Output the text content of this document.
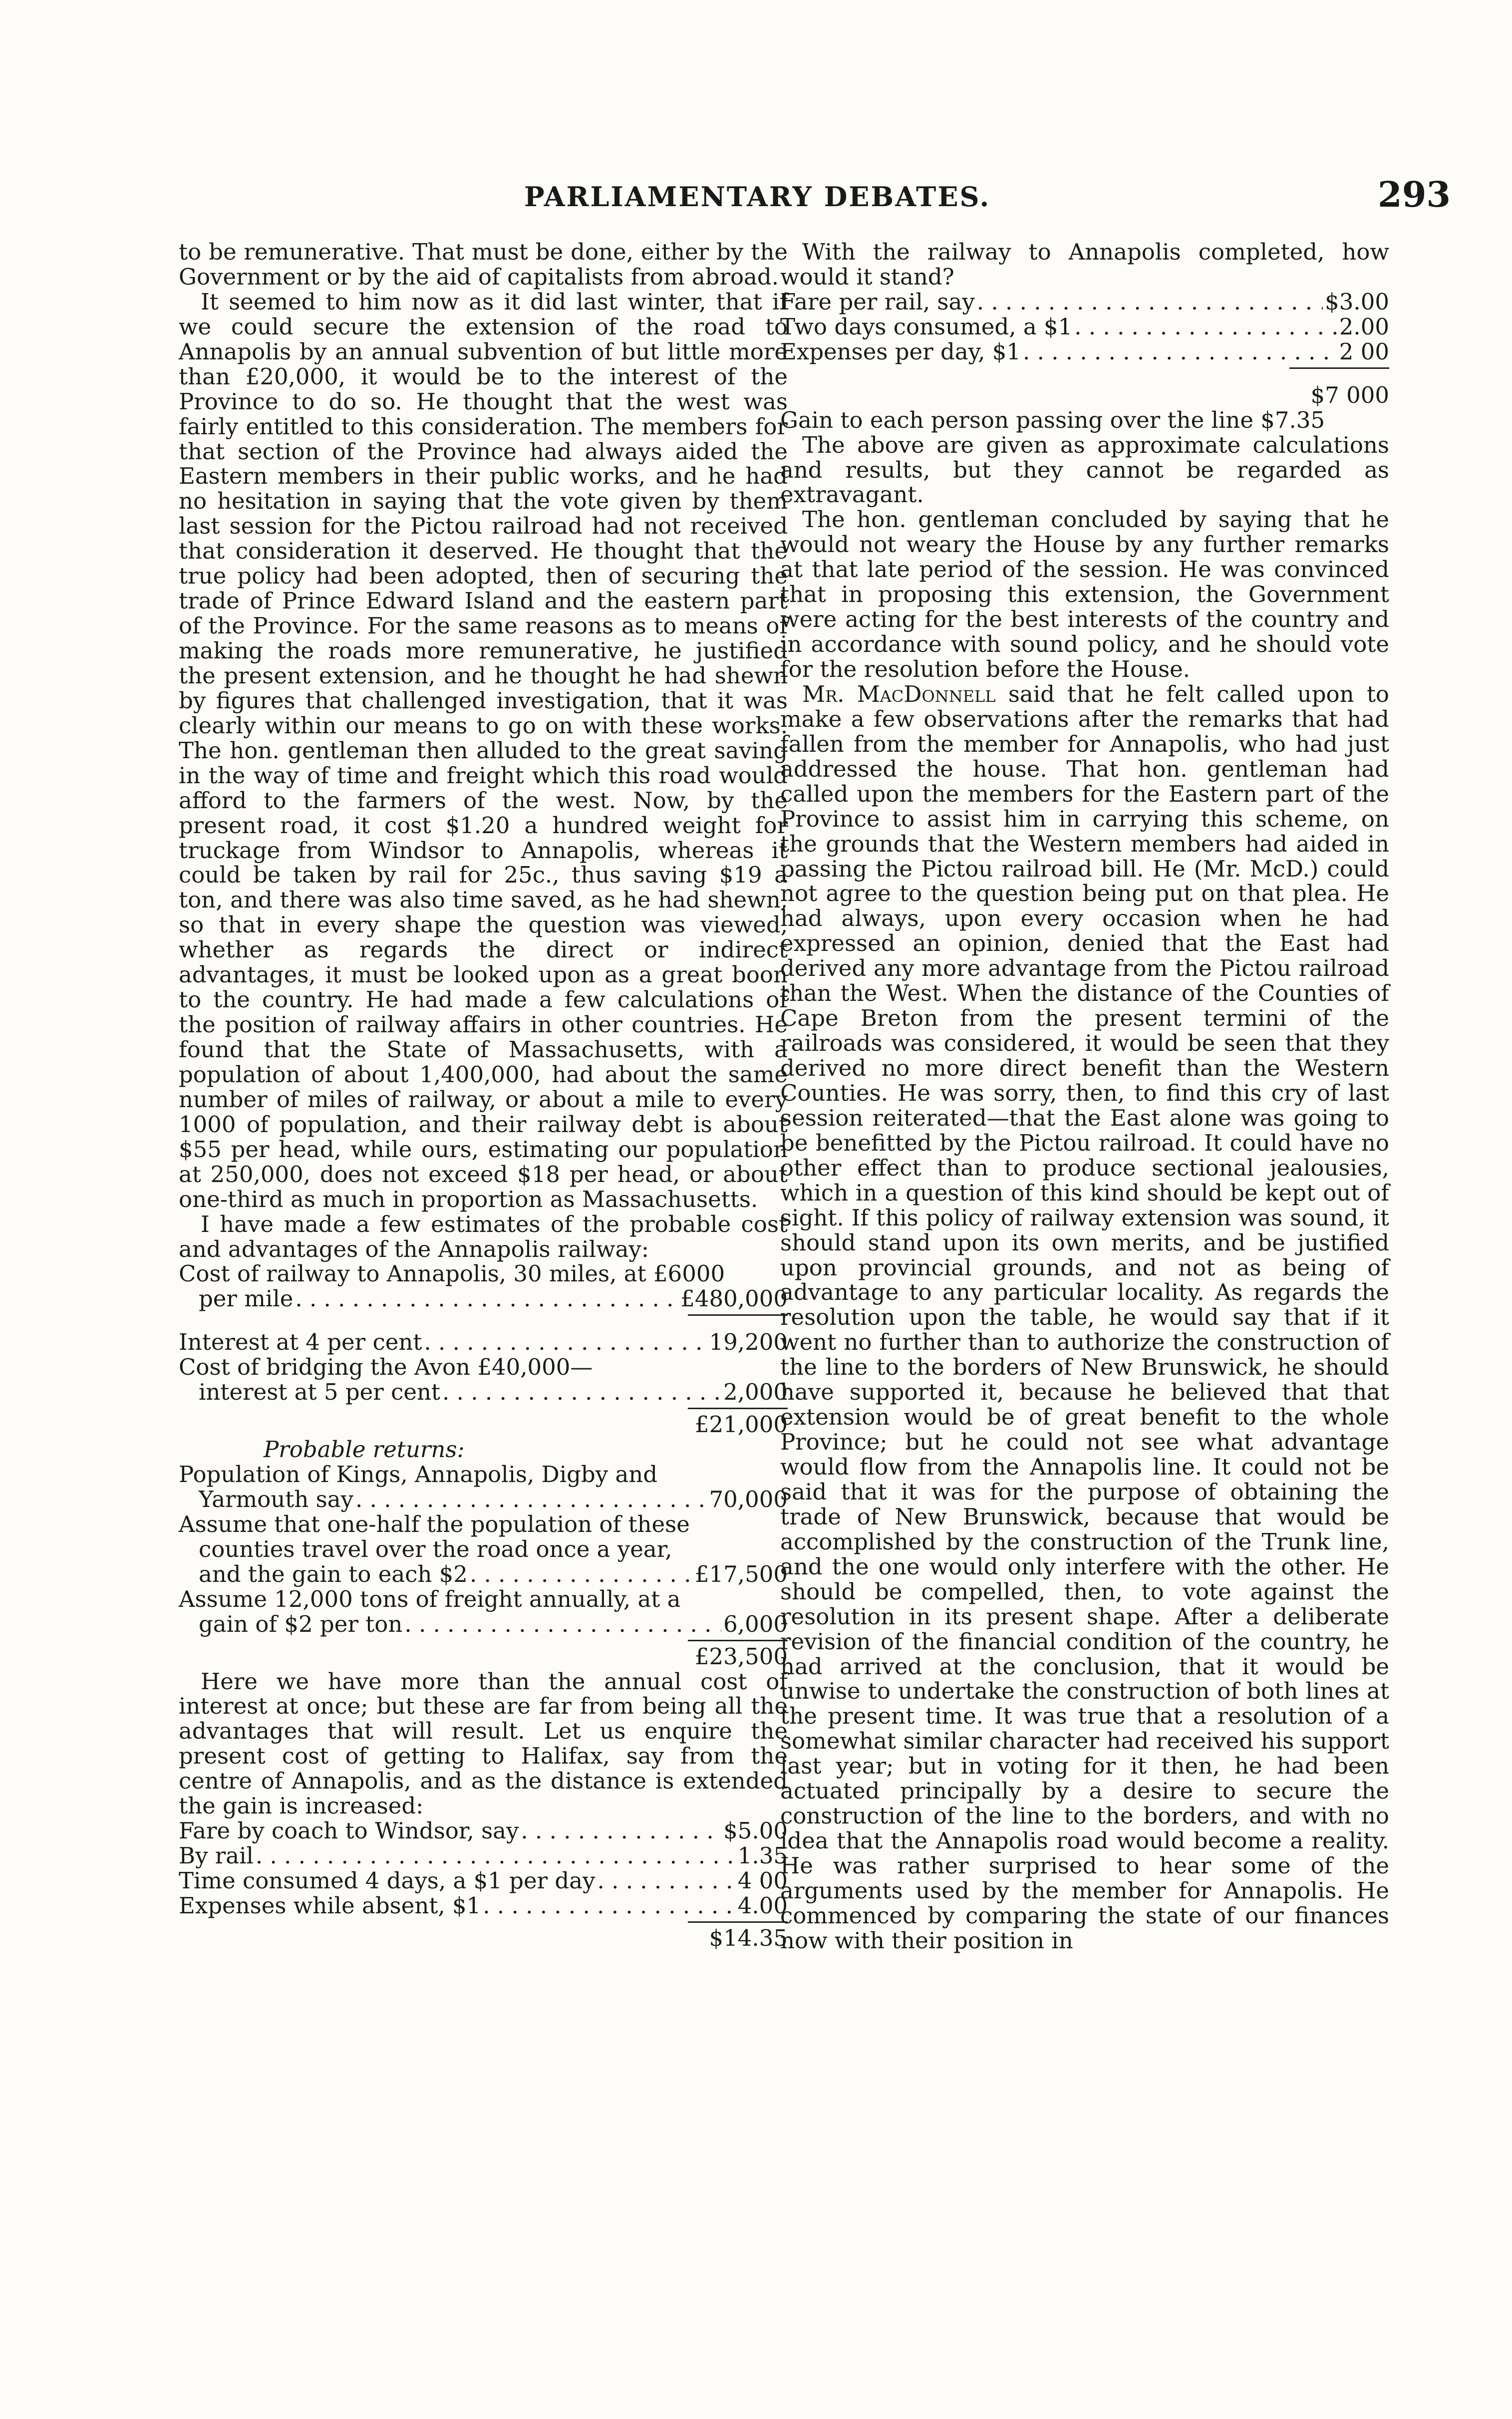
PARLIAMENTARY DEBATES.	293

to be remunerative. That must be done, either by the Government or by the aid of capitalists from abroad.

It seemed to him now as it did last winter, that if we could secure the extension of the road to Annapolis by an annual subvention of but little more than £20,000, it would be to the interest of the Province to do so. He thought that the west was fairly entitled to this consideration. The members for that section of the Province had always aided the Eastern members in their public works, and he had no hesitation in saying that the vote given by them last session for the Pictou railroad had not received that consideration it deserved. He thought that the true policy had been adopted, then of securing the trade of Prince Edward Island and the eastern part of the Province. For the same reasons as to means of making the roads more remunerative, he justified the present extension, and he thought he had shewn by figures that challenged investigation, that it was clearly within our means to go on with these works. The hon. gentleman then alluded to the great saving in the way of time and freight which this road would afford to the farmers of the west. Now, by the present road, it cost $1.20 a hundred weight for truckage from Windsor to Annapolis, whereas it could be taken by rail for 25c., thus saving $19 a ton, and there was also time saved, as he had shewn, so that in every shape the question was viewed, whether as regards the direct or indirect advantages, it must be looked upon as a great boon to the country. He had made a few calculations of the position of railway affairs in other countries. He found that the State of Massachusetts, with a population of about 1,400,000, had about the same number of miles of railway, or about a mile to every 1000 of population, and their railway debt is about $55 per head, while ours, estimating our population at 250,000, does not exceed $18 per head, or about one-third as much in proportion as Massachusetts.

I have made a few estimates of the probable cost and advantages of the Annapolis railway:

Cost of railway to Annapolis, 30 miles, at £6000
per mile . . .	£480,000
Interest at 4 per cent . . .	19,200
Cost of bridging the Avon £40,000—
interest at 5 per cent . . .	2,000
£21,000
Probable returns:
Population of Kings, Annapolis, Digby and
Yarmouth say . . .	70,000
Assume that one-half the population of these
counties travel over the road once a year,
and the gain to each $2 . . .	£17,500
Assume 12,000 tons of freight annually, at a
gain of $2 per ton . . .	6,000
£23,500

Here we have more than the annual cost of interest at once; but these are far from being all the advantages that will result. Let us enquire the present cost of getting to Halifax, say from the centre of Annapolis, and as the distance is extended the gain is increased:

Fare by coach to Windsor, say . . .	$5.00
By rail . . .	1.35
Time consumed 4 days, a $1 per day . . .	4 00
Expenses while absent, $1 . . .	4.00
$14.35

With the railway to Annapolis completed, how would it stand?

Fare per rail, say . . .	$3.00
Two days consumed, a $1 . . .	2.00
Expenses per day, $1 . . .	2 00
$7 000
Gain to each person passing over the line $7.35

The above are given as approximate calculations and results, but they cannot be regarded as extravagant.

The hon. gentleman concluded by saying that he would not weary the House by any further remarks at that late period of the session. He was convinced that in proposing this extension, the Government were acting for the best interests of the country and in accordance with sound policy, and he should vote for the resolution before the House.

Mr. MacDonnell said that he felt called upon to make a few observations after the remarks that had fallen from the member for Annapolis, who had just addressed the house. That hon. gentleman had called upon the members for the Eastern part of the Province to assist him in carrying this scheme, on the grounds that the Western members had aided in passing the Pictou railroad bill. He (Mr. McD.) could not agree to the question being put on that plea. He had always, upon every occasion when he had expressed an opinion, denied that the East had derived any more advantage from the Pictou railroad than the West. When the distance of the Counties of Cape Breton from the present termini of the railroads was considered, it would be seen that they derived no more direct benefit than the Western Counties. He was sorry, then, to find this cry of last session reiterated—that the East alone was going to be benefitted by the Pictou railroad. It could have no other effect than to produce sectional jealousies, which in a question of this kind should be kept out of sight. If this policy of railway extension was sound, it should stand upon its own merits, and be justified upon provincial grounds, and not as being of advantage to any particular locality. As regards the resolution upon the table, he would say that if it went no further than to authorize the construction of the line to the borders of New Brunswick, he should have supported it, because he believed that that extension would be of great benefit to the whole Province; but he could not see what advantage would flow from the Annapolis line. It could not be said that it was for the purpose of obtaining the trade of New Brunswick, because that would be accomplished by the construction of the Trunk line, and the one would only interfere with the other. He should be compelled, then, to vote against the resolution in its present shape. After a deliberate revision of the financial condition of the country, he had arrived at the conclusion, that it would be unwise to undertake the construction of both lines at the present time. It was true that a resolution of a somewhat similar character had received his support last year; but in voting for it then, he had been actuated principally by a desire to secure the construction of the line to the borders, and with no idea that the Annapolis road would become a reality. He was rather surprised to hear some of the arguments used by the member for Annapolis. He commenced by comparing the state of our finances now with their position in
